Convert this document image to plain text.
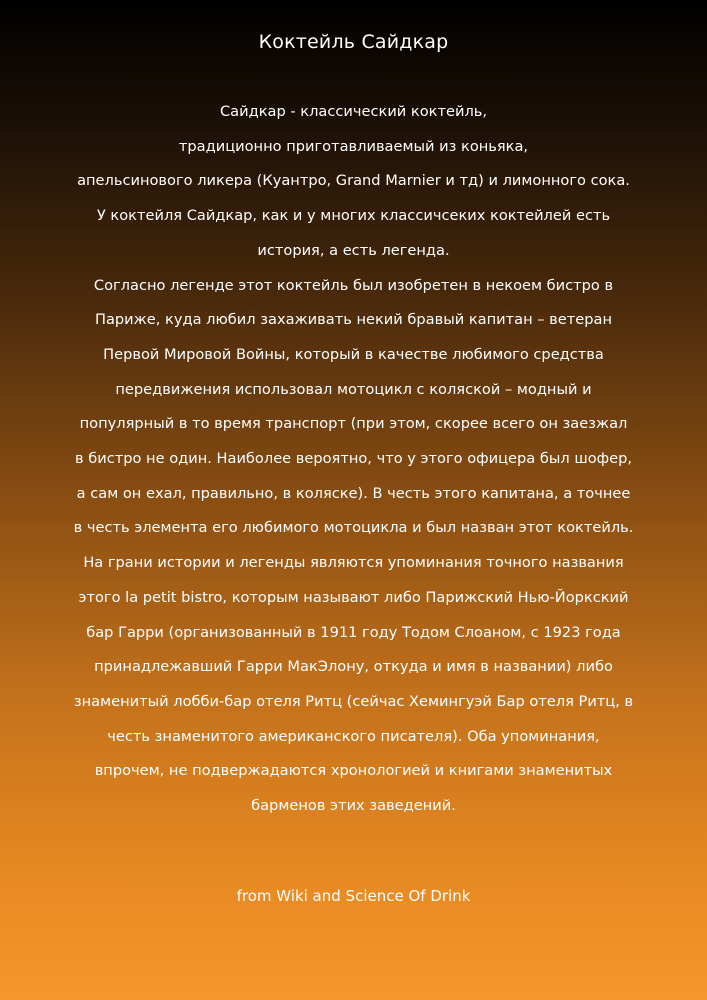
Коктейль Сайдкар
Сайдкар - классический коктейль,
традиционно приготавливаемый из коньяка,
апельсинового ликера (Куантро, Grand Marnier и тд) и лимонного сока.
У коктейля Сайдкар, как и у многих классичсеких коктейлей есть
история, а есть легенда.
Согласно легенде этот коктейль был изобретен в некоем бистро в
Париже, куда любил захаживать некий бравый капитан – ветеран
Первой Мировой Войны, который в качестве любимого средства
передвижения использовал мотоцикл с коляской – модный и
популярный в то время транспорт (при этом, скорее всего он заезжал
в бистро не один. Наиболее вероятно, что у этого офицера был шофер,
а сам он ехал, правильно, в коляске). В честь этого капитана, а точнее
в честь элемента его любимого мотоцикла и был назван этот коктейль.
На грани истории и легенды являются упоминания точного названия
этого la petit bistro, которым называют либо Парижский Нью-Йоркский
бар Гарри (организованный в 1911 году Тодом Слоаном, с 1923 года
принадлежавший Гарри МакЭлону, откуда и имя в названии) либо
знаменитый лобби-бар отеля Ритц (сейчас Хемингуэй Бар отеля Ритц, в
честь знаменитого американского писателя). Оба упоминания,
впрочем, не подвержадаются хронологией и книгами знаменитых
барменов этих заведений.
from Wiki and Science Of Drink
